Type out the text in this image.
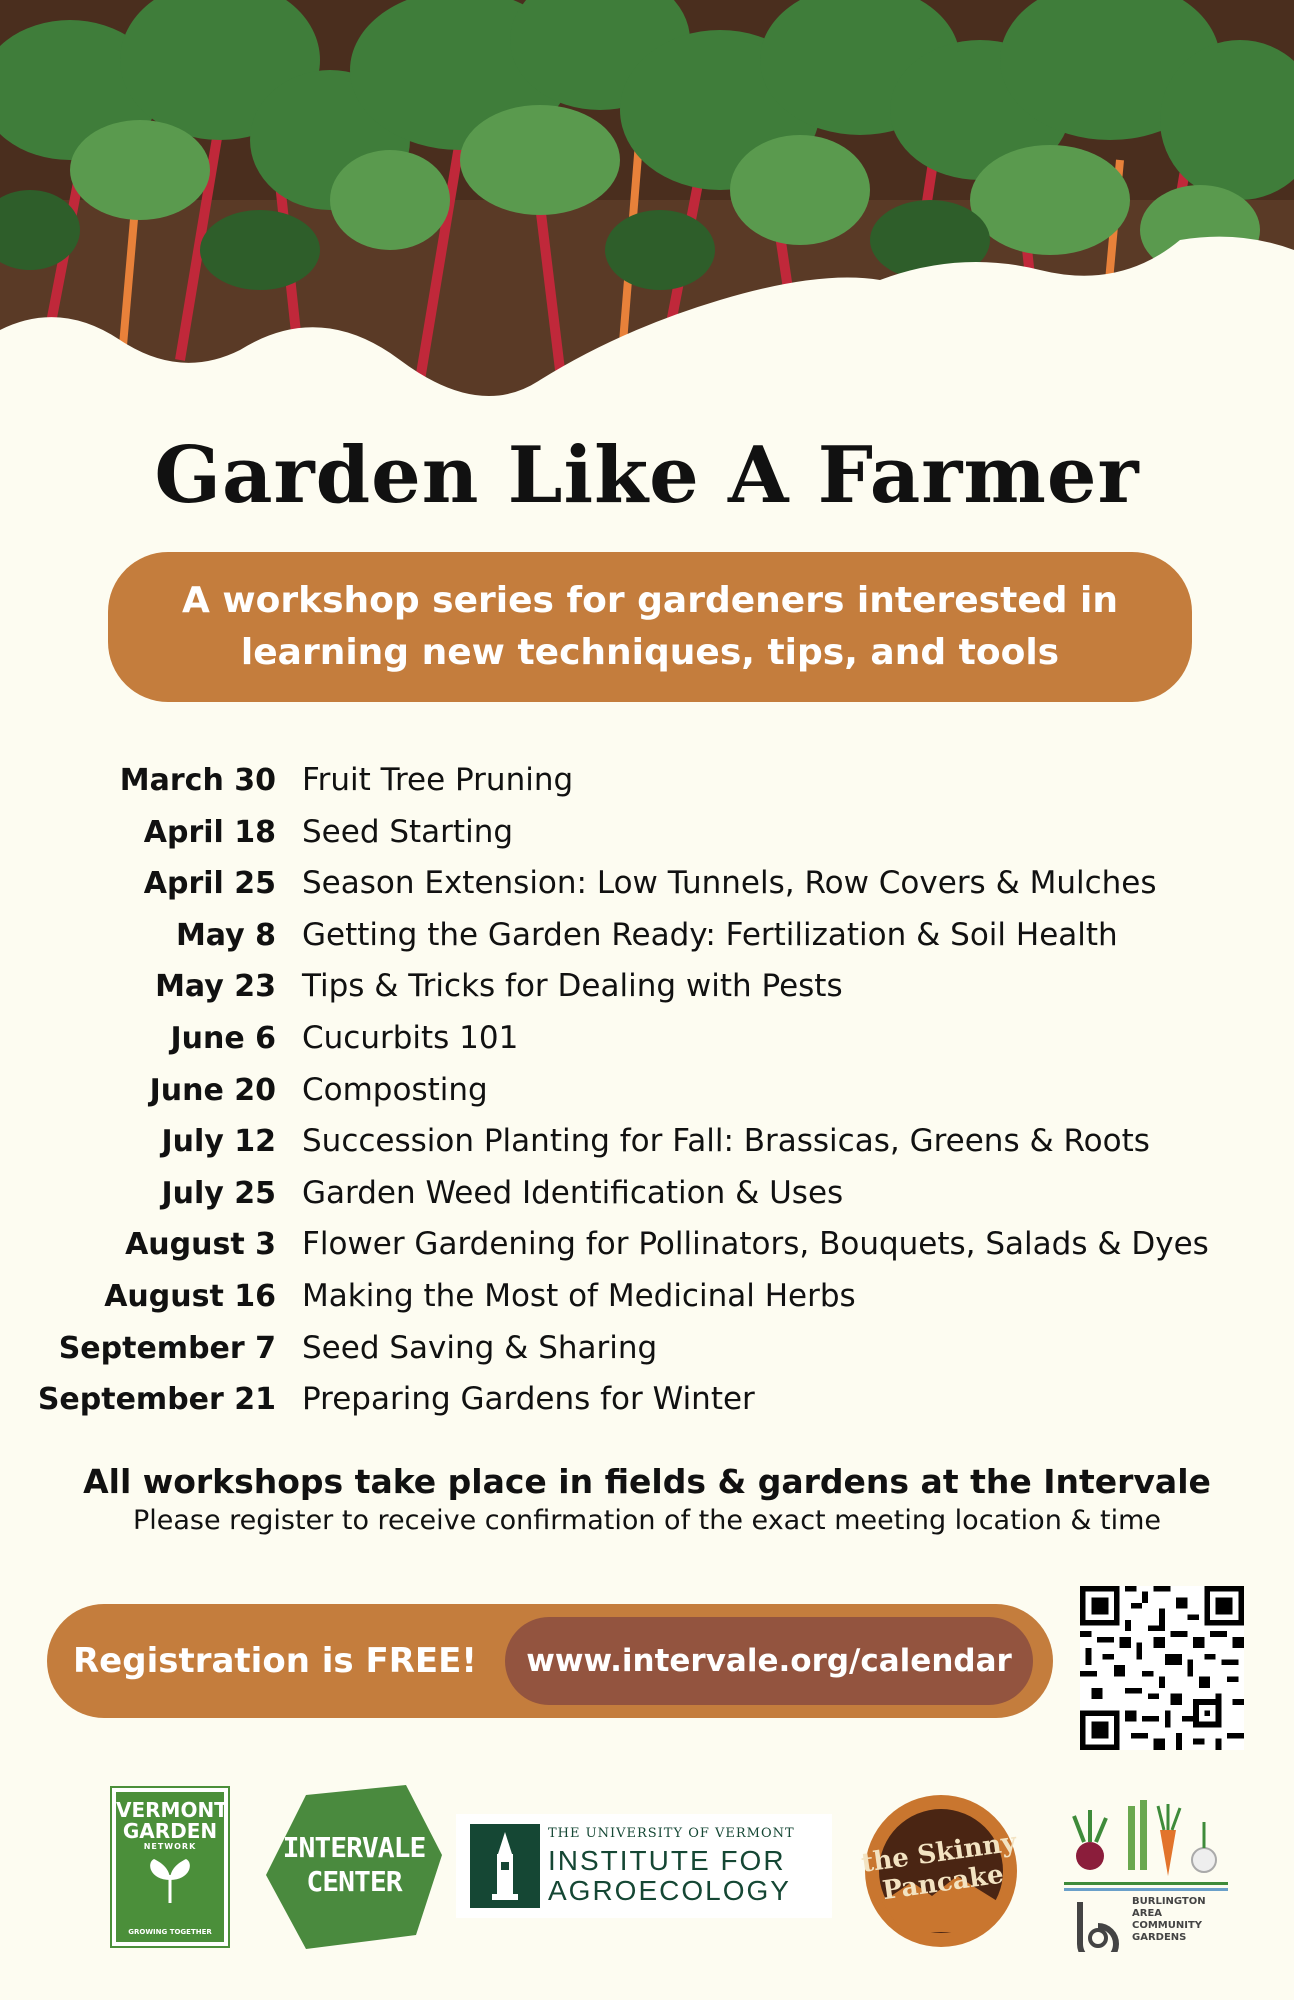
Garden Like A Farmer
A workshop series for gardeners interested in learning new techniques, tips, and tools
March 30 Fruit Tree Pruning
April 18 Seed Starting
April 25 Season Extension: Low Tunnels, Row Covers & Mulches
May 8 Getting the Garden Ready: Fertilization & Soil Health
May 23 Tips & Tricks for Dealing with Pests
June 6 Cucurbits 101
June 20 Composting
July 12 Succession Planting for Fall: Brassicas, Greens & Roots
July 25 Garden Weed Identification & Uses
August 3 Flower Gardening for Pollinators, Bouquets, Salads & Dyes
August 16 Making the Most of Medicinal Herbs
September 7 Seed Saving & Sharing
September 21 Preparing Gardens for Winter
All workshops take place in fields & gardens at the Intervale
Please register to receive confirmation of the exact meeting location & time
Registration is FREE!	www.intervale.org/calendar
VERMONT GARDEN
NETWORK
GROWING TOGETHER
INTERVALE CENTER
THE UNIVERSITY OF VERMONT
INSTITUTE FOR AGROECOLOGY
the Skinny Pancake	BURLINGTON AREA COMMUNITY GARDENS
